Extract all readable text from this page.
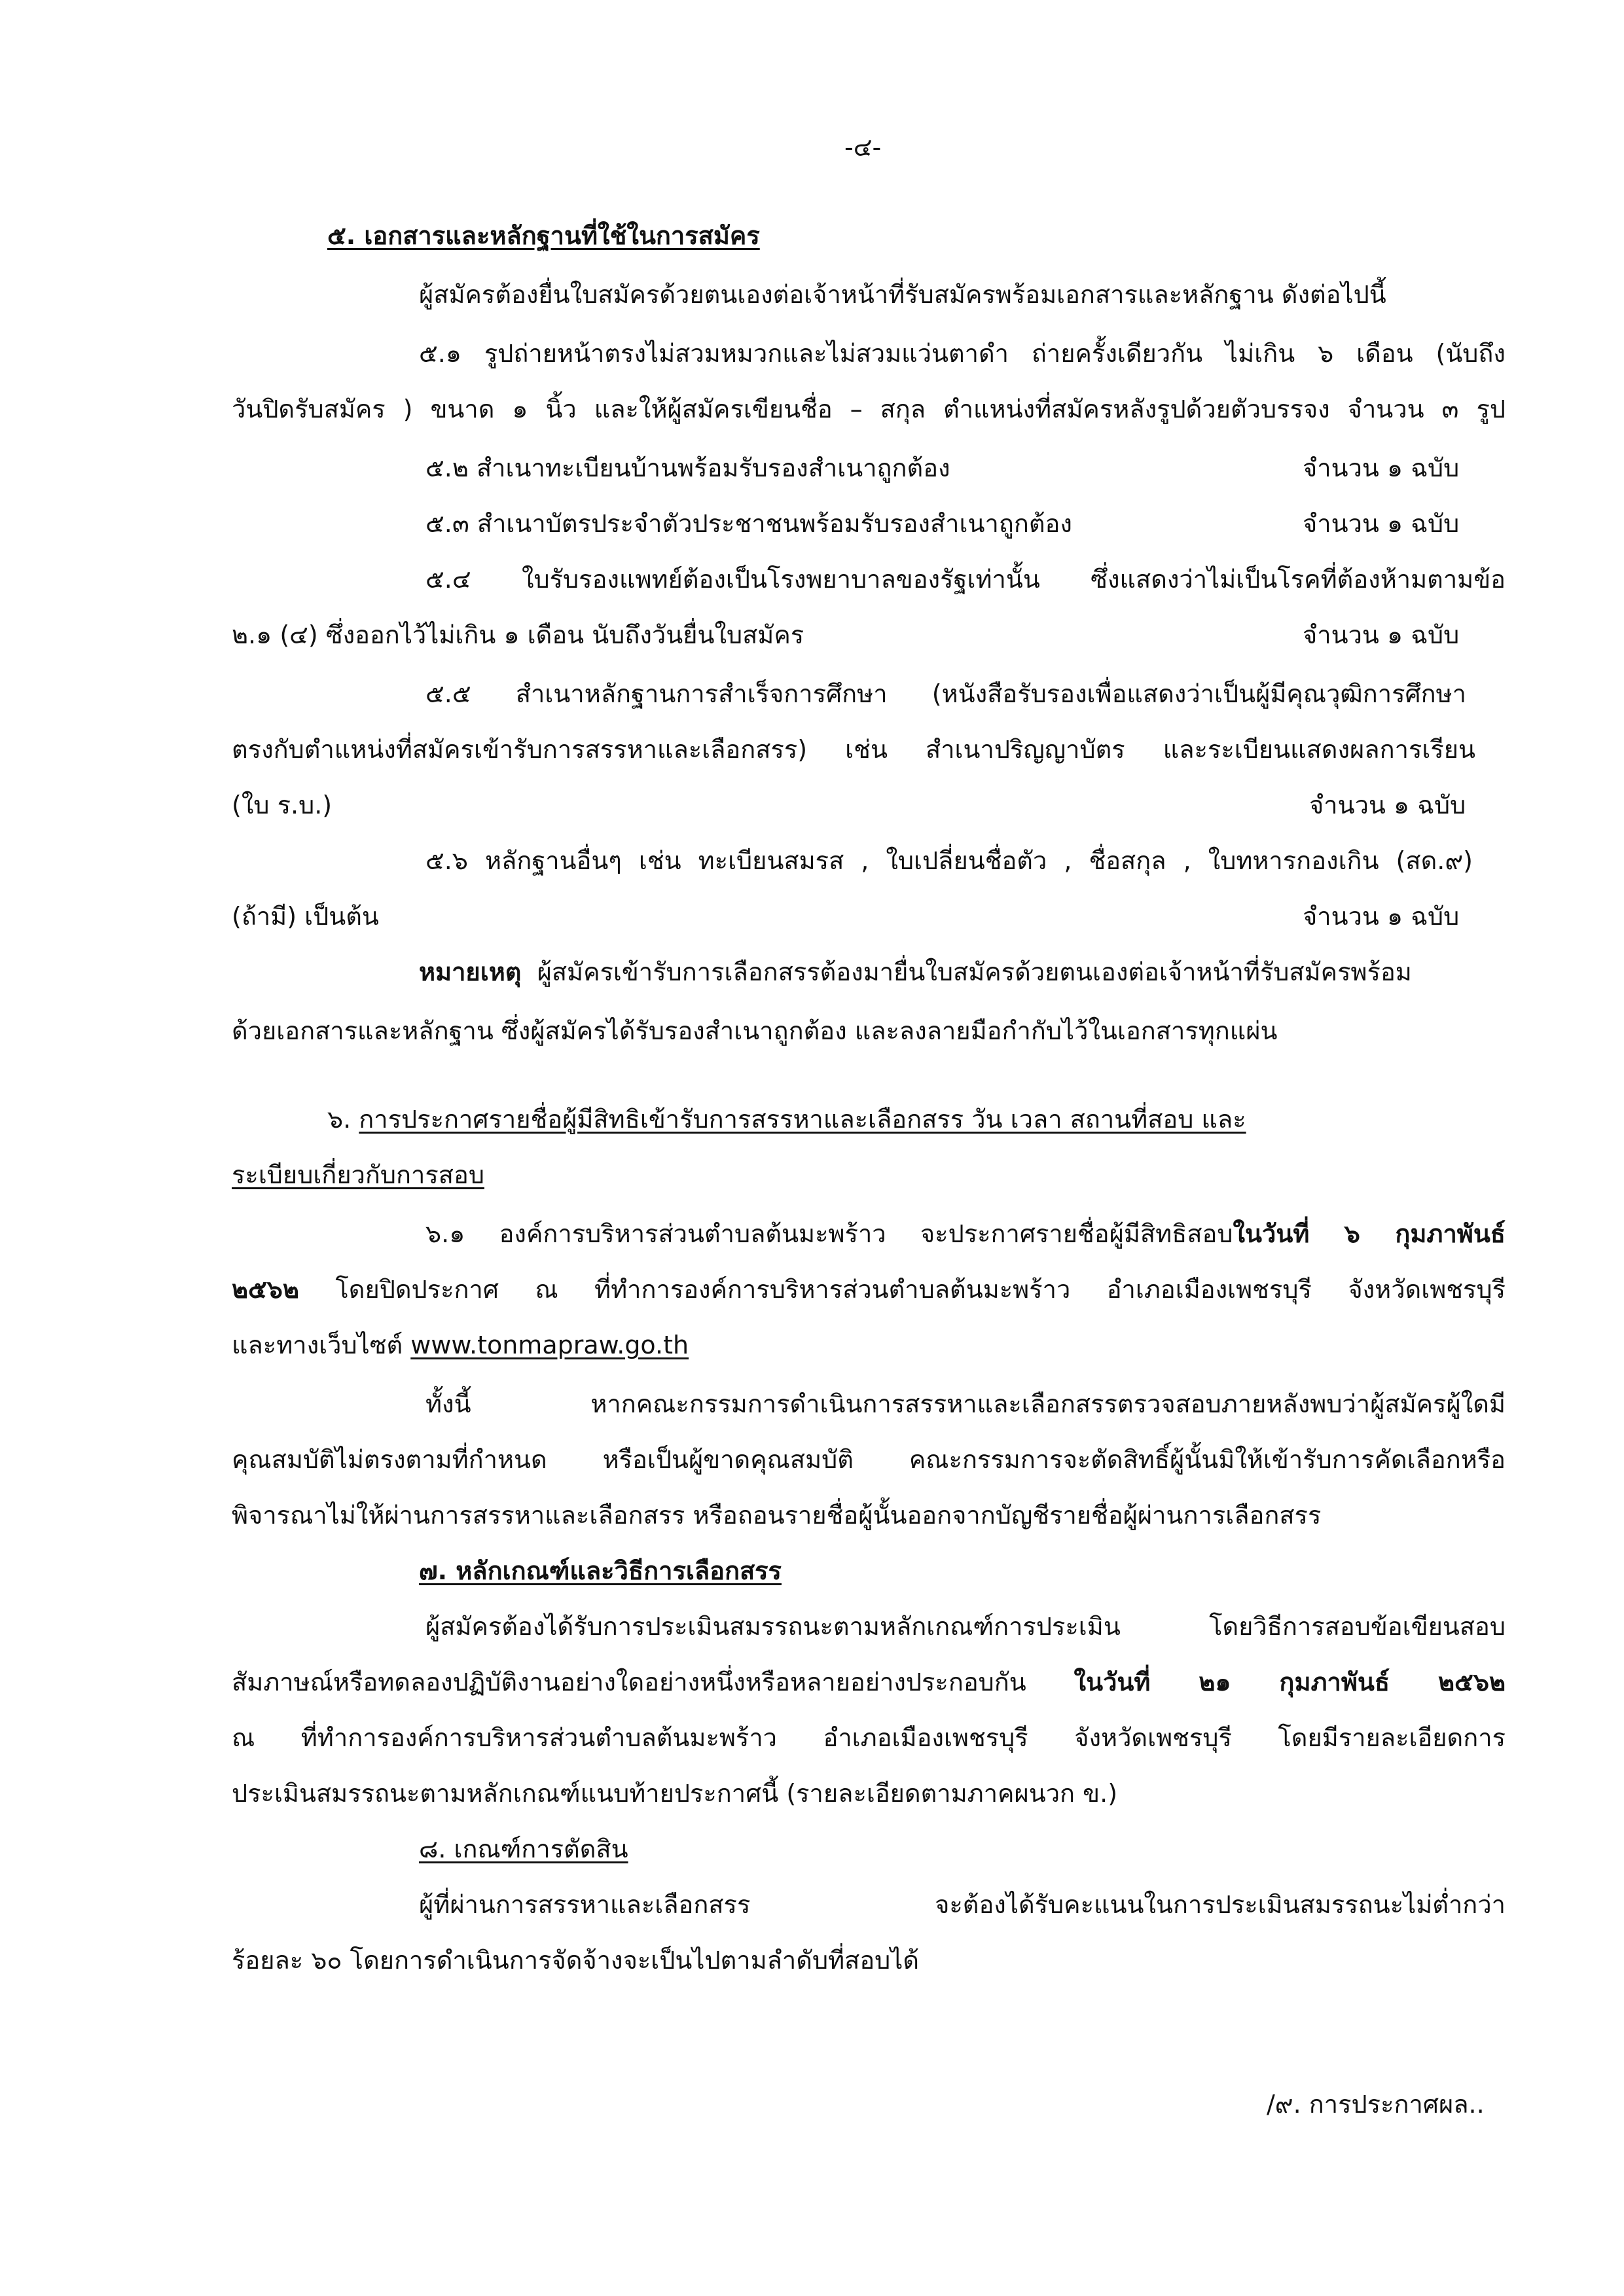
-๔-
๕. เอกสารและหลักฐานที่ใช้ในการสมัคร
ผู้สมัครต้องยื่นใบสมัครด้วยตนเองต่อเจ้าหน้าที่รับสมัครพร้อมเอกสารและหลักฐาน ดังต่อไปนี้
๕.๑ รูปถ่ายหน้าตรงไม่สวมหมวกและไม่สวมแว่นตาดำ ถ่ายครั้งเดียวกัน ไม่เกิน ๖ เดือน (นับถึง
วันปิดรับสมัคร ) ขนาด ๑ นิ้ว และให้ผู้สมัครเขียนชื่อ – สกุล ตำแหน่งที่สมัครหลังรูปด้วยตัวบรรจง จำนวน ๓ รูป
๕.๒ สำเนาทะเบียนบ้านพร้อมรับรองสำเนาถูกต้อง	จำนวน ๑ ฉบับ
๕.๓ สำเนาบัตรประจำตัวประชาชนพร้อมรับรองสำเนาถูกต้อง	จำนวน ๑ ฉบับ
๕.๔ ใบรับรองแพทย์ต้องเป็นโรงพยาบาลของรัฐเท่านั้น ซึ่งแสดงว่าไม่เป็นโรคที่ต้องห้ามตามข้อ
๒.๑ (๔) ซึ่งออกไว้ไม่เกิน ๑ เดือน นับถึงวันยื่นใบสมัคร	จำนวน ๑ ฉบับ
๕.๕ สำเนาหลักฐานการสำเร็จการศึกษา (หนังสือรับรองเพื่อแสดงว่าเป็นผู้มีคุณวุฒิการศึกษา
ตรงกับตำแหน่งที่สมัครเข้ารับการสรรหาและเลือกสรร) เช่น สำเนาปริญญาบัตร และระเบียนแสดงผลการเรียน
(ใบ ร.บ.)	จำนวน ๑ ฉบับ
๕.๖ หลักฐานอื่นๆ เช่น ทะเบียนสมรส , ใบเปลี่ยนชื่อตัว , ชื่อสกุล , ใบทหารกองเกิน (สด.๙)
(ถ้ามี) เป็นต้น	จำนวน ๑ ฉบับ
หมายเหตุ ผู้สมัครเข้ารับการเลือกสรรต้องมายื่นใบสมัครด้วยตนเองต่อเจ้าหน้าที่รับสมัครพร้อม
ด้วยเอกสารและหลักฐาน ซึ่งผู้สมัครได้รับรองสำเนาถูกต้อง และลงลายมือกำกับไว้ในเอกสารทุกแผ่น
๖. การประกาศรายชื่อผู้มีสิทธิเข้ารับการสรรหาและเลือกสรร วัน เวลา สถานที่สอบ และ
ระเบียบเกี่ยวกับการสอบ
๖.๑ องค์การบริหารส่วนตำบลต้นมะพร้าว จะประกาศรายชื่อผู้มีสิทธิสอบในวันที่ ๖ กุมภาพันธ์
๒๕๖๒ โดยปิดประกาศ ณ ที่ทำการองค์การบริหารส่วนตำบลต้นมะพร้าว อำเภอเมืองเพชรบุรี จังหวัดเพชรบุรี
และทางเว็บไซต์ www.tonmapraw.go.th
ทั้งนี้ หากคณะกรรมการดำเนินการสรรหาและเลือกสรรตรวจสอบภายหลังพบว่าผู้สมัครผู้ใดมี
คุณสมบัติไม่ตรงตามที่กำหนด หรือเป็นผู้ขาดคุณสมบัติ คณะกรรมการจะตัดสิทธิ์ผู้นั้นมิให้เข้ารับการคัดเลือกหรือ
พิจารณาไม่ให้ผ่านการสรรหาและเลือกสรร หรือถอนรายชื่อผู้นั้นออกจากบัญชีรายชื่อผู้ผ่านการเลือกสรร
๗. หลักเกณฑ์และวิธีการเลือกสรร
ผู้สมัครต้องได้รับการประเมินสมรรถนะตามหลักเกณฑ์การประเมิน โดยวิธีการสอบข้อเขียนสอบ
สัมภาษณ์หรือทดลองปฏิบัติงานอย่างใดอย่างหนึ่งหรือหลายอย่างประกอบกัน ในวันที่ ๒๑ กุมภาพันธ์ ๒๕๖๒
ณ ที่ทำการองค์การบริหารส่วนตำบลต้นมะพร้าว อำเภอเมืองเพชรบุรี จังหวัดเพชรบุรี โดยมีรายละเอียดการ
ประเมินสมรรถนะตามหลักเกณฑ์แนบท้ายประกาศนี้ (รายละเอียดตามภาคผนวก ข.)
๘. เกณฑ์การตัดสิน
ผู้ที่ผ่านการสรรหาและเลือกสรร จะต้องได้รับคะแนนในการประเมินสมรรถนะไม่ต่ำกว่า
ร้อยละ ๖๐ โดยการดำเนินการจัดจ้างจะเป็นไปตามลำดับที่สอบได้
/๙. การประกาศผล..
